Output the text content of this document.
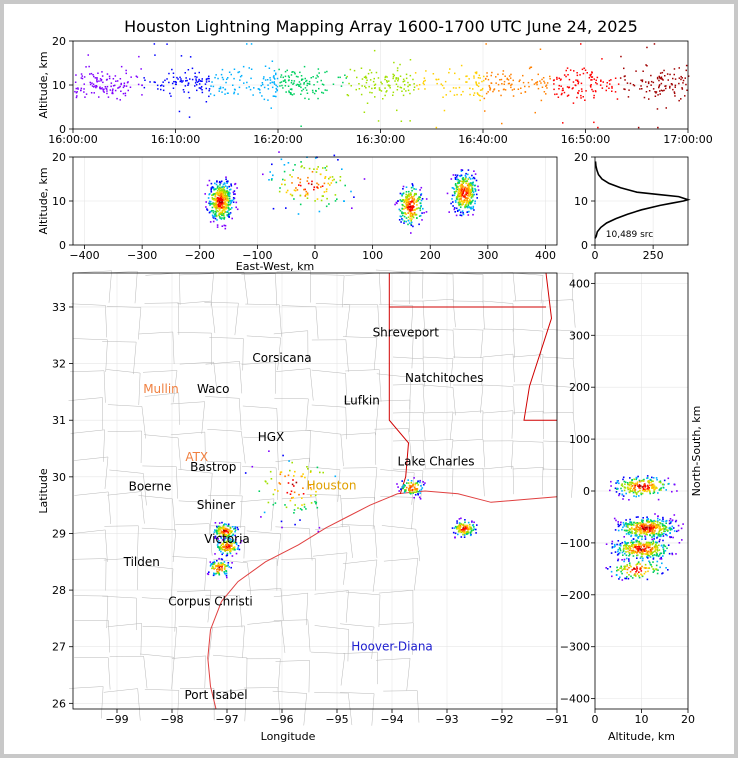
Houston Lightning Mapping Array 1600-1700 UTC June 24, 2025
16:00:00	16:10:00	16:20:00	16:30:00	16:40:00	16:50:00	17:00:00
0
10
20
Altitude, km
−400 −300 −200 −100	0	100	200	300	400
0
10
20
East-West, km
Altitude, km
0	250
0
10
20
10,489 src
Shreveport
Corsicana
Natchitoches
Mullin Waco
Lufkin
Lake Charles
Bastrop
Boerne
Shiner
Victoria
Tilden
Corpus Christi
Hoover-Diana
Port Isabel
ATX
HGX
Houston
−99	−98	−97	−96	−95	−94	−93	−92	−91
26
27
28
29
30
31
32
33
Longitude
Latitude
0	10	20
−400
−300
−200
−100
0
100
200
300
400
Altitude, km
North-South, km
